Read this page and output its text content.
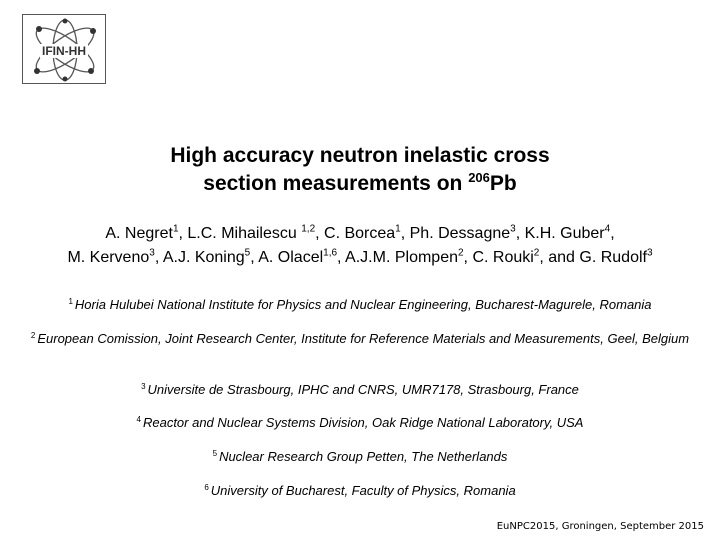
IFIN-HH
High accuracy neutron inelastic cross
section measurements on $^{206}$Pb
A. Negret$^1$, L.C. Mihailescu $^{1,2}$, C. Borcea$^1$, Ph. Dessagne$^3$, K.H. Guber$^4$,
M. Kerveno$^3$, A.J. Koning$^5$, A. Olacel$^{1,6}$, A.J.M. Plompen$^2$, C. Rouki$^2$, and G. Rudolf$^3$
$^1$ Horia Hulubei National Institute for Physics and Nuclear Engineering, Bucharest-Magurele, Romania
$^2$ European Comission, Joint Research Center, Institute for Reference Materials and Measurements, Geel, Belgium
$^3$ Universite de Strasbourg, IPHC and CNRS, UMR7178, Strasbourg, France
$^4$ Reactor and Nuclear Systems Division, Oak Ridge National Laboratory, USA
$^5$ Nuclear Research Group Petten, The Netherlands
$^6$ University of Bucharest, Faculty of Physics, Romania
EuNPC2015, Groningen, September 2015
